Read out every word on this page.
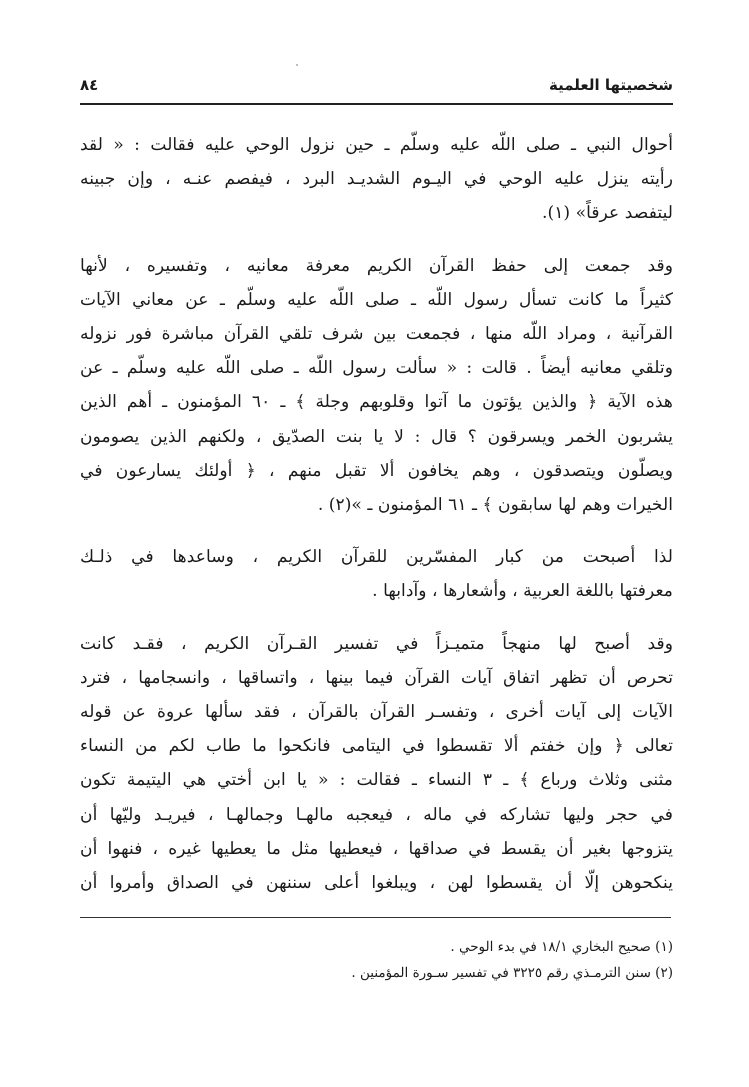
شخصيتها العلمية
٨٤

أحوال النبي ـ صلى اللّه عليه وسلّم ـ حين نزول الوحي عليه فقالت : « لقد
رأيته ينزل عليه الوحي في اليـوم الشديـد البرد ، فيفصم عنـه ، وإن جبينه
ليتفصد عرقاً» (١).

وقد جمعت إلى حفظ القرآن الكريم معرفة معانيه ، وتفسيره ، لأنها
كثيراً ما كانت تسأل رسول اللّه ـ صلى اللّه عليه وسلّم ـ عن معاني الآيات
القرآنية ، ومراد اللّه منها ، فجمعت بين شرف تلقي القرآن مباشرة فور نزوله
وتلقي معانيه أيضاً . قالت : « سألت رسول اللّه ـ صلى اللّه عليه وسلّم ـ عن
هذه الآية ﴿ والذين يؤتون ما آتوا وقلوبهم وجلة ﴾ ـ ٦٠ المؤمنون ـ أهم الذين
يشربون الخمر ويسرقون ؟ قال : لا يا بنت الصدّيق ، ولكنهم الذين يصومون
ويصلّون ويتصدقون ، وهم يخافون ألا تقبل منهم ، ﴿ أولئك يسارعون في
الخيرات وهم لها سابقون ﴾ ـ ٦١ المؤمنون ـ »(٢) .

لذا أصبحت من كبار المفسّرين للقرآن الكريم ، وساعدها في ذلـك
معرفتها باللغة العربية ، وأشعارها ، وآدابها .

وقد أصبح لها منهجاً متميـزاً في تفسير القـرآن الكريم ، فقـد كانت
تحرص أن تظهر اتفاق آيات القرآن فيما بينها ، واتساقها ، وانسجامها ، فترد
الآيات إلى آيات أخرى ، وتفسـر القرآن بالقرآن ، فقد سألها عروة عن قوله
تعالى ﴿ وإن خفتم ألا تقسطوا في اليتامى فانكحوا ما طاب لكم من النساء
مثنى وثلاث ورباع ﴾ ـ ٣ النساء ـ فقالت : « يا ابن أختي هي اليتيمة تكون
في حجر وليها تشاركه في ماله ، فيعجبه مالهـا وجمالهـا ، فيريـد وليّها أن
يتزوجها بغير أن يقسط في صداقها ، فيعطيها مثل ما يعطيها غيره ، فنهوا أن
ينكحوهن إلّا أن يقسطوا لهن ، ويبلغوا أعلى سننهن في الصداق وأمروا أن

(١) صحيح البخاري ١٨/١ في بدء الوحي .
(٢) سنن الترمـذي رقم ٣٢٢٥ في تفسير سـورة المؤمنين .
